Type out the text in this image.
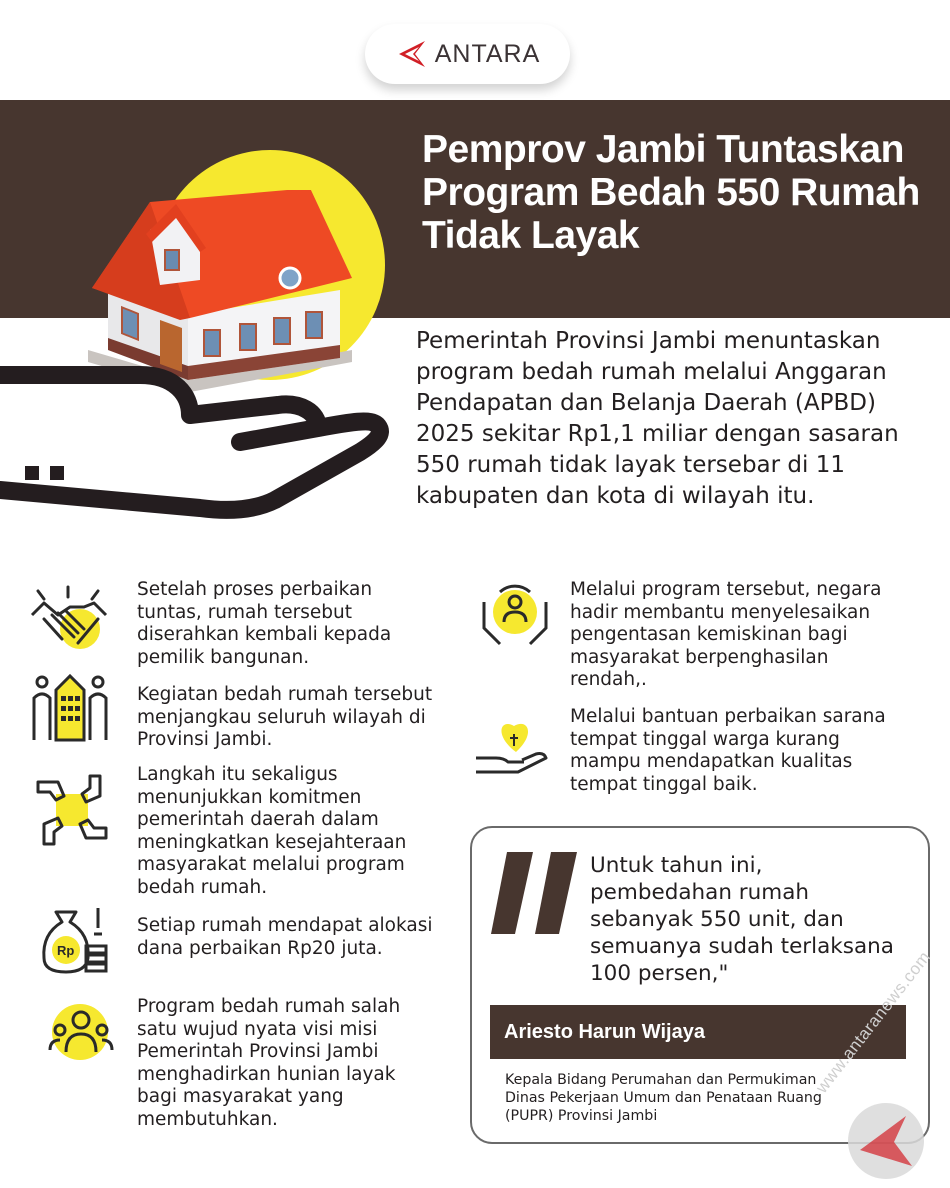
ANTARA
Pemprov Jambi Tuntaskan Program Bedah 550 Rumah Tidak Layak

Pemerintah Provinsi Jambi menuntaskan program bedah rumah melalui Anggaran Pendapatan dan Belanja Daerah (APBD) 2025 sekitar Rp1,1 miliar dengan sasaran 550 rumah tidak layak tersebar di 11 kabupaten dan kota di wilayah itu.

Setelah proses perbaikan tuntas, rumah tersebut diserahkan kembali kepada pemilik bangunan.

Kegiatan bedah rumah tersebut menjangkau seluruh wilayah di Provinsi Jambi.

Langkah itu sekaligus menunjukkan komitmen pemerintah daerah dalam meningkatkan kesejahteraan masyarakat melalui program bedah rumah.

Rp

Setiap rumah mendapat alokasi dana perbaikan Rp20 juta.

Program bedah rumah salah satu wujud nyata visi misi Pemerintah Provinsi Jambi menghadirkan hunian layak bagi masyarakat yang membutuhkan.

Melalui program tersebut, negara hadir membantu menyelesaikan pengentasan kemiskinan bagi masyarakat berpenghasilan rendah,.

Melalui bantuan perbaikan sarana tempat tinggal warga kurang mampu mendapatkan kualitas tempat tinggal baik.

Untuk tahun ini, pembedahan rumah sebanyak 550 unit, dan semuanya sudah terlaksana 100 persen,"

Ariesto Harun Wijaya

Kepala Bidang Perumahan dan Permukiman Dinas Pekerjaan Umum dan Penataan Ruang (PUPR) Provinsi Jambi

www.antaranews.com
